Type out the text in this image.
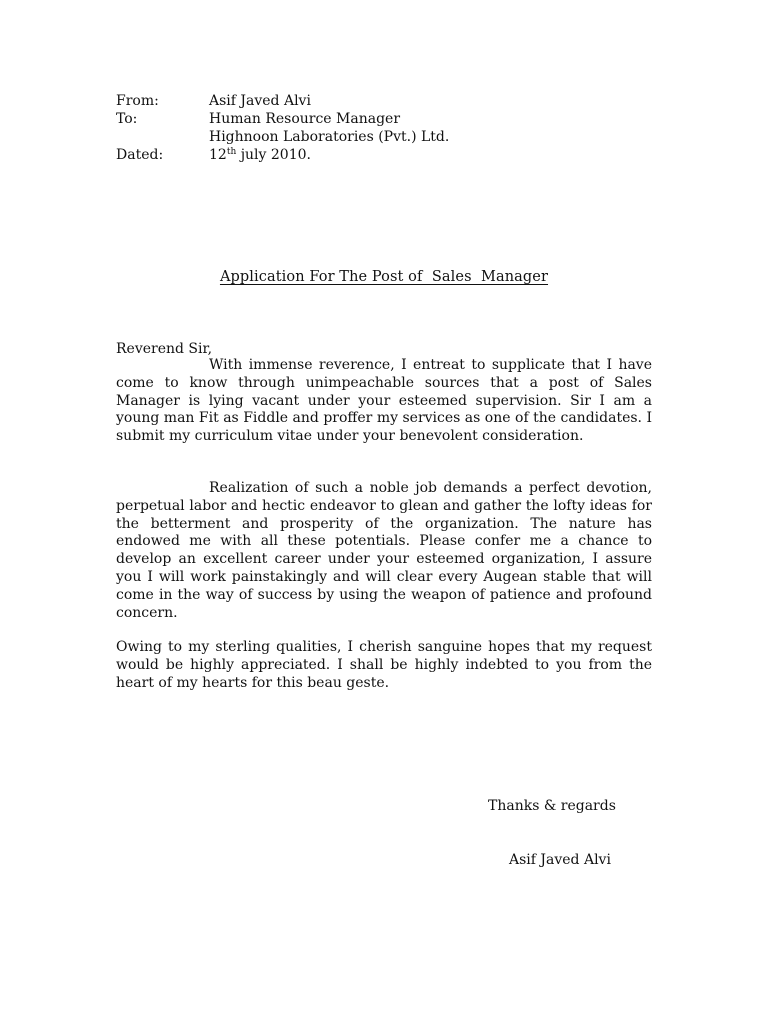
From:	Asif Javed Alvi
To:	Human Resource Manager
Highnoon Laboratories (Pvt.) Ltd.
Dated:	12th july 2010.
Application For The Post of  Sales  Manager
Reverend Sir,
With immense reverence, I entreat to supplicate that I have come to know through unimpeachable sources that a post of Sales Manager is lying vacant under your esteemed supervision. Sir I am a young man Fit as Fiddle and proffer my services as one of the candidates. I submit my curriculum vitae under your benevolent consideration.
Realization of such a noble job demands a perfect devotion, perpetual labor and hectic endeavor to glean and gather the lofty ideas for the betterment and prosperity of the organization. The nature has endowed me with all these potentials. Please confer me a chance to develop an excellent career under your esteemed organization, I assure you I will work painstakingly and will clear every Augean stable that will come in the way of success by using the weapon of patience and profound concern.
Owing to my sterling qualities, I cherish sanguine hopes that my request would be highly appreciated. I shall be highly indebted to you from the heart of my hearts for this beau geste.
Thanks & regards
Asif Javed Alvi
